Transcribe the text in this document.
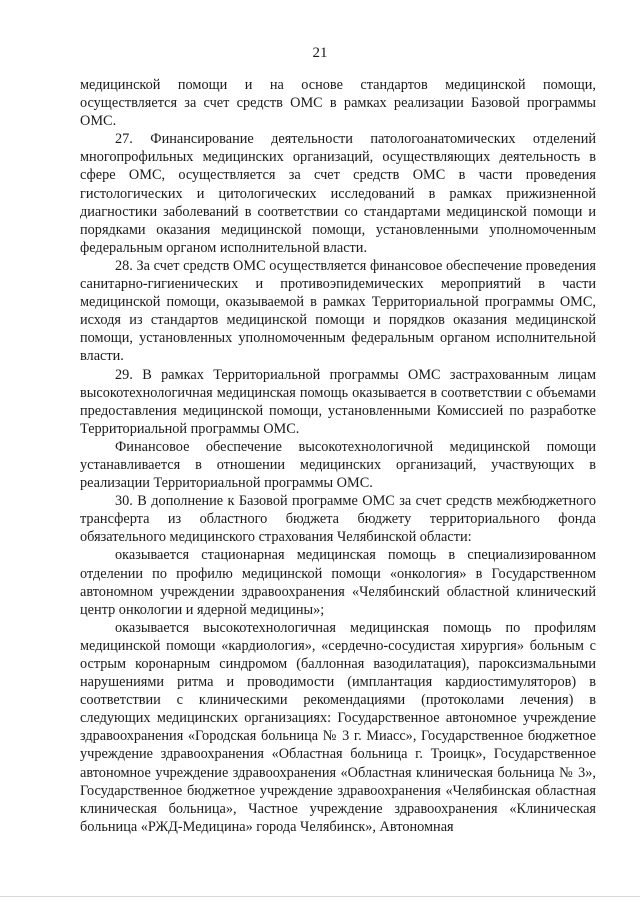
21

медицинской помощи и на основе стандартов медицинской помощи, осуществляется за счет средств ОМС в рамках реализации Базовой программы ОМС.

27. Финансирование деятельности патологоанатомических отделений многопрофильных медицинских организаций, осуществляющих деятельность в сфере ОМС, осуществляется за счет средств ОМС в части проведения гистологических и цитологических исследований в рамках прижизненной диагностики заболеваний в соответствии со стандартами медицинской помощи и порядками оказания медицинской помощи, установленными уполномоченным федеральным органом исполнительной власти.

28. За счет средств ОМС осуществляется финансовое обеспечение проведения санитарно-гигиенических и противоэпидемических мероприятий в части медицинской помощи, оказываемой в рамках Территориальной программы ОМС, исходя из стандартов медицинской помощи и порядков оказания медицинской помощи, установленных уполномоченным федеральным органом исполнительной власти.

29. В рамках Территориальной программы ОМС застрахованным лицам высокотехнологичная медицинская помощь оказывается в соответствии с объемами предоставления медицинской помощи, установленными Комиссией по разработке Территориальной программы ОМС.

Финансовое обеспечение высокотехнологичной медицинской помощи устанавливается в отношении медицинских организаций, участвующих в реализации Территориальной программы ОМС.

30. В дополнение к Базовой программе ОМС за счет средств межбюджетного трансферта из областного бюджета бюджету территориального фонда обязательного медицинского страхования Челябинской области:

оказывается стационарная медицинская помощь в специализированном отделении по профилю медицинской помощи «онкология» в Государственном автономном учреждении здравоохранения «Челябинский областной клинический центр онкологии и ядерной медицины»;

оказывается высокотехнологичная медицинская помощь по профилям медицинской помощи «кардиология», «сердечно-сосудистая хирургия» больным с острым коронарным синдромом (баллонная вазодилатация), пароксизмальными нарушениями ритма и проводимости (имплантация кардиостимуляторов) в соответствии с клиническими рекомендациями (протоколами лечения) в следующих медицинских организациях: Государственное автономное учреждение здравоохранения «Городская больница № 3 г. Миасс», Государственное бюджетное учреждение здравоохранения «Областная больница г. Троицк», Государственное автономное учреждение здравоохранения «Областная клиническая больница № 3», Государственное бюджетное учреждение здравоохранения «Челябинская областная клиническая больница», Частное учреждение здравоохранения «Клиническая больница «РЖД-Медицина» города Челябинск», Автономная
